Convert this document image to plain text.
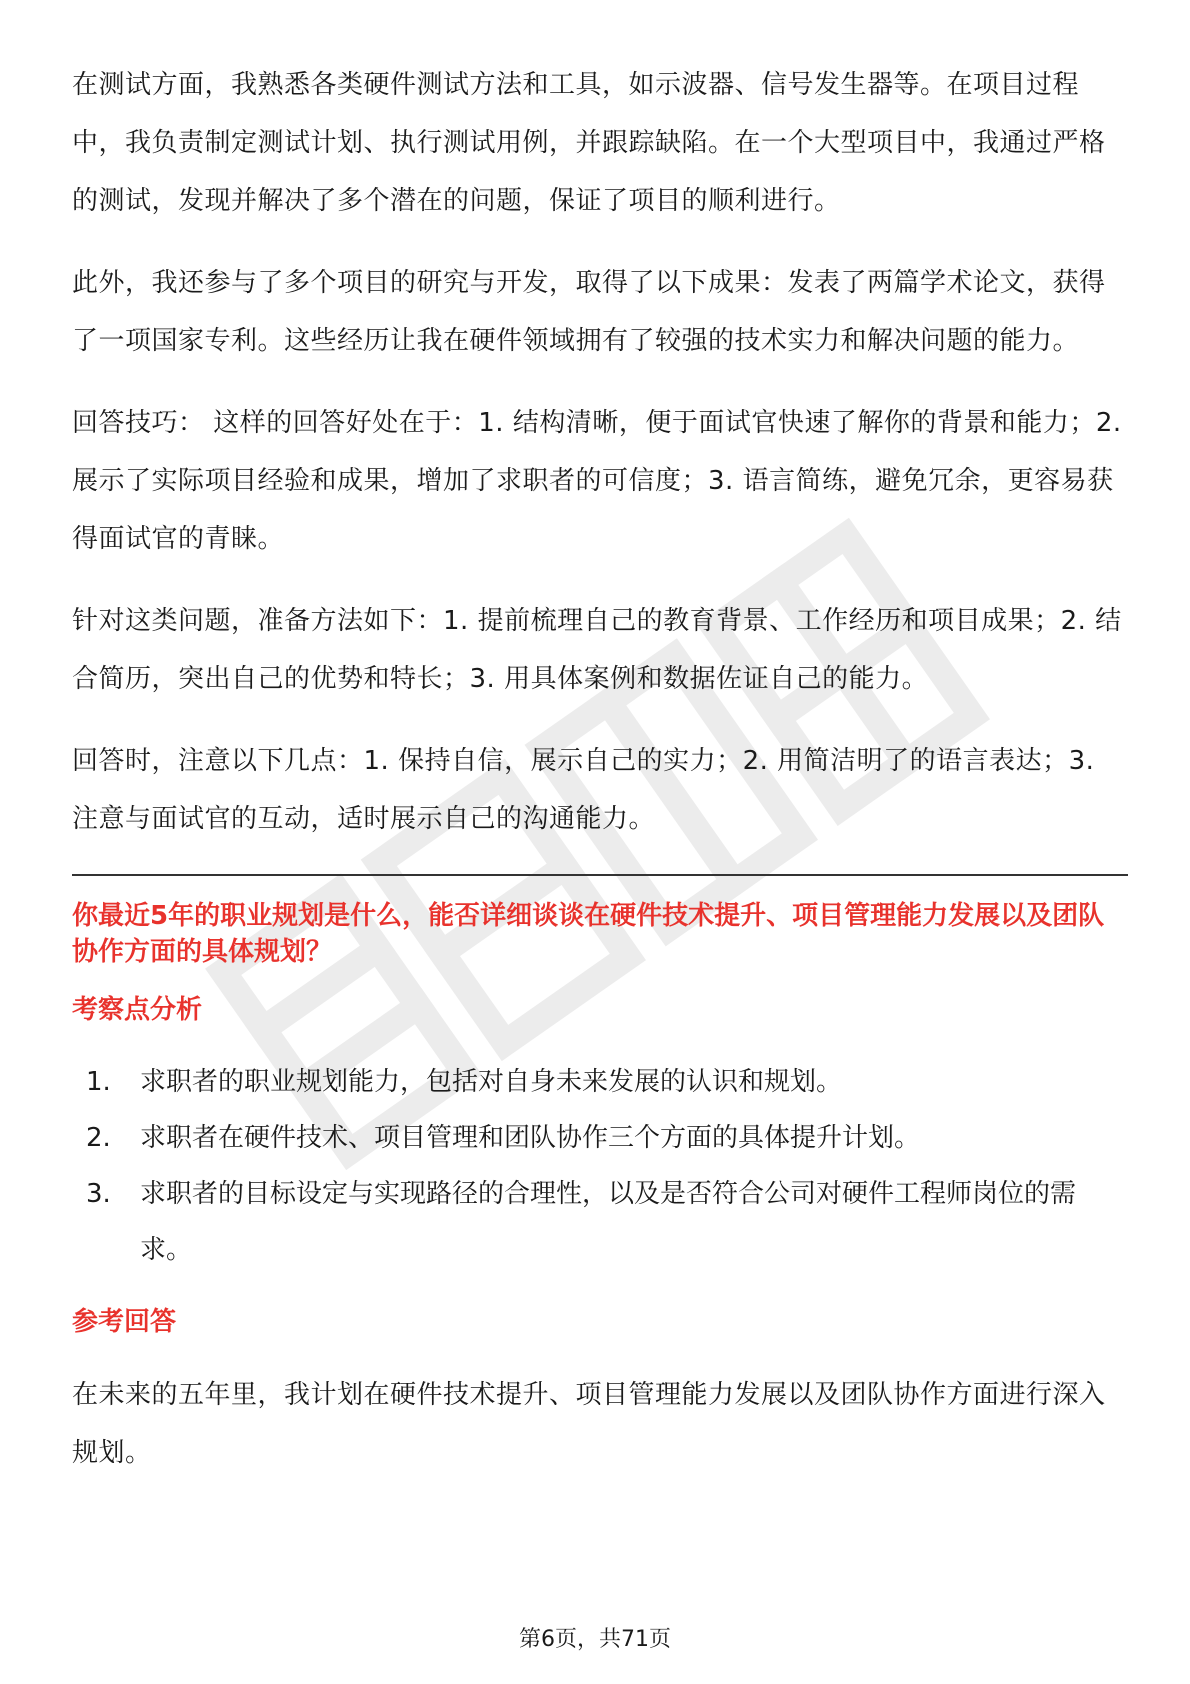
在测试方面，我熟悉各类硬件测试方法和工具，如示波器、信号发生器等。在项目过程中，我负责制定测试计划、执行测试用例，并跟踪缺陷。在一个大型项目中，我通过严格的测试，发现并解决了多个潜在的问题，保证了项目的顺利进行。

此外，我还参与了多个项目的研究与开发，取得了以下成果：发表了两篇学术论文，获得了一项国家专利。这些经历让我在硬件领域拥有了较强的技术实力和解决问题的能力。

回答技巧： 这样的回答好处在于：1. 结构清晰，便于面试官快速了解你的背景和能力；2. 展示了实际项目经验和成果，增加了求职者的可信度；3. 语言简练，避免冗余，更容易获得面试官的青睐。

针对这类问题，准备方法如下：1. 提前梳理自己的教育背景、工作经历和项目成果；2. 结合简历，突出自己的优势和特长；3. 用具体案例和数据佐证自己的能力。

回答时，注意以下几点：1. 保持自信，展示自己的实力；2. 用简洁明了的语言表达；3. 注意与面试官的互动，适时展示自己的沟通能力。

你最近5年的职业规划是什么，能否详细谈谈在硬件技术提升、项目管理能力发展以及团队协作方面的具体规划？
考察点分析
1.	求职者的职业规划能力，包括对自身未来发展的认识和规划。
2.	求职者在硬件技术、项目管理和团队协作三个方面的具体提升计划。
3.	求职者的目标设定与实现路径的合理性，以及是否符合公司对硬件工程师岗位的需求。
参考回答

在未来的五年里，我计划在硬件技术提升、项目管理能力发展以及团队协作方面进行深入规划。

第6页，共71页
